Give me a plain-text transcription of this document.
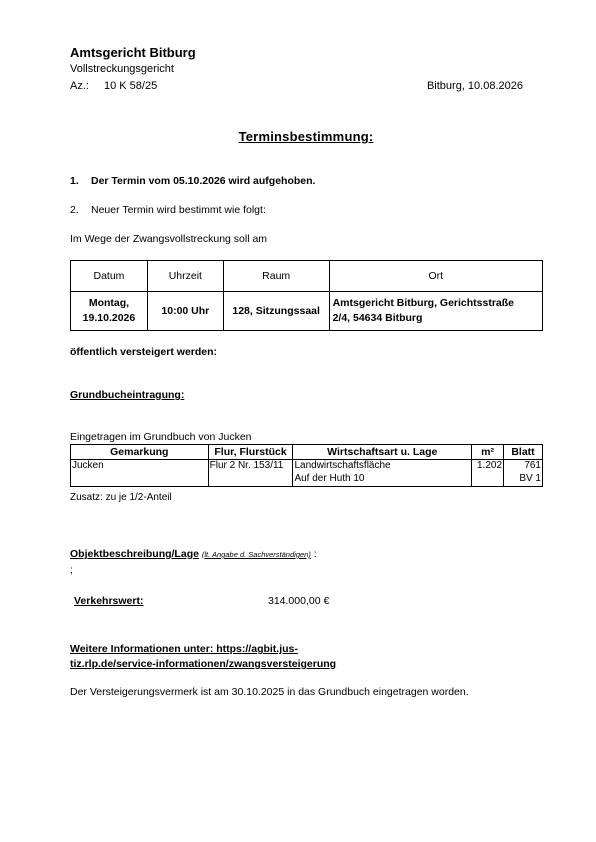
Amtsgericht Bitburg
Vollstreckungsgericht
Az.: 10 K 58/25	Bitburg, 10.08.2026
Terminsbestimmung:
1. Der Termin vom 05.10.2026 wird aufgehoben.
2. Neuer Termin wird bestimmt wie folgt:
Im Wege der Zwangsvollstreckung soll am
Datum	Uhrzeit	Raum	Ort
Montag,
19.10.2026	10:00 Uhr	128, Sitzungssaal	Amtsgericht Bitburg, Gerichtsstraße
2/4, 54634 Bitburg
öffentlich versteigert werden:
Grundbucheintragung:
Eingetragen im Grundbuch von Jucken
Gemarkung	Flur, Flurstück	Wirtschaftsart u. Lage	m²	Blatt
Jucken	Flur 2 Nr. 153/11	Landwirtschaftsfläche	1.202	761
		Auf der Huth 10		BV 1
Zusatz: zu je 1/2-Anteil
Objektbeschreibung/Lage (lt. Angabe d. Sachverständigen) :
;
Verkehrswert:	314.000,00 €
Weitere Informationen unter: https://agbit.jus-
tiz.rlp.de/service-informationen/zwangsversteigerung
Der Versteigerungsvermerk ist am 30.10.2025 in das Grundbuch eingetragen worden.
